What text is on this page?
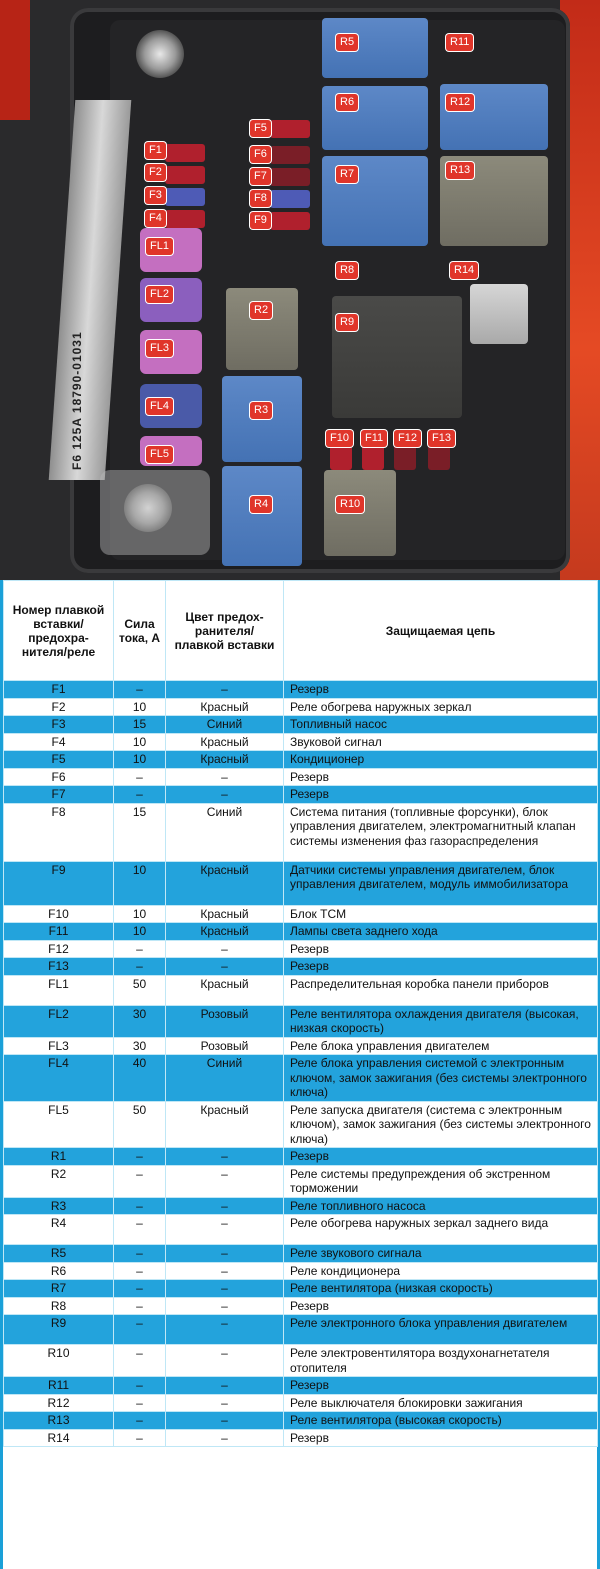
F6 125A 18790-01031
F1
F2
F3
F4
F5
F6
F7
F8
F9
F10	F11	F12	F13
FL1
FL2
FL3
FL4
FL5
R2
R3
R4
R5
R6
R7
R8
R9
R10
R11
R12
R13
R14
Номер плавкой вставки/ предохра- нителя/реле	Сила тока, А	Цвет предох- ранителя/ плавкой вставки	Защищаемая цепь
F1	–	–	Резерв
F2	10	Красный	Реле обогрева наружных зеркал
F3	15	Синий	Топливный насос
F4	10	Красный	Звуковой сигнал
F5	10	Красный	Кондиционер
F6	–	–	Резерв
F7	–	–	Резерв
F8	15	Синий	Система питания (топливные форсунки), блок управления двигателем, электромагнитный клапан системы изменения фаз газораспределения
F9	10	Красный	Датчики системы управления двигателем, блок управления двигателем, модуль иммобилизатора
F10	10	Красный	Блок TCM
F11	10	Красный	Лампы света заднего хода
F12	–	–	Резерв
F13	–	–	Резерв
FL1	50	Красный	Распределительная коробка панели приборов
FL2	30	Розовый	Реле вентилятора охлаждения двигателя (высокая, низкая скорость)
FL3	30	Розовый	Реле блока управления двигателем
FL4	40	Синий	Реле блока управления системой с электронным ключом, замок зажигания (без системы электронного ключа)
FL5	50	Красный	Реле запуска двигателя (система с электронным ключом), замок зажигания (без системы электронного ключа)
R1	–	–	Резерв
R2	–	–	Реле системы предупреждения об экстренном торможении
R3	–	–	Реле топливного насоса
R4	–	–	Реле обогрева наружных зеркал заднего вида
R5	–	–	Реле звукового сигнала
R6	–	–	Реле кондиционера
R7	–	–	Реле вентилятора (низкая скорость)
R8	–	–	Резерв
R9	–	–	Реле электронного блока управления двигателем
R10	–	–	Реле электровентилятора воздухонагнетателя отопителя
R11	–	–	Резерв
R12	–	–	Реле выключателя блокировки зажигания
R13	–	–	Реле вентилятора (высокая скорость)
R14	–	–	Резерв
